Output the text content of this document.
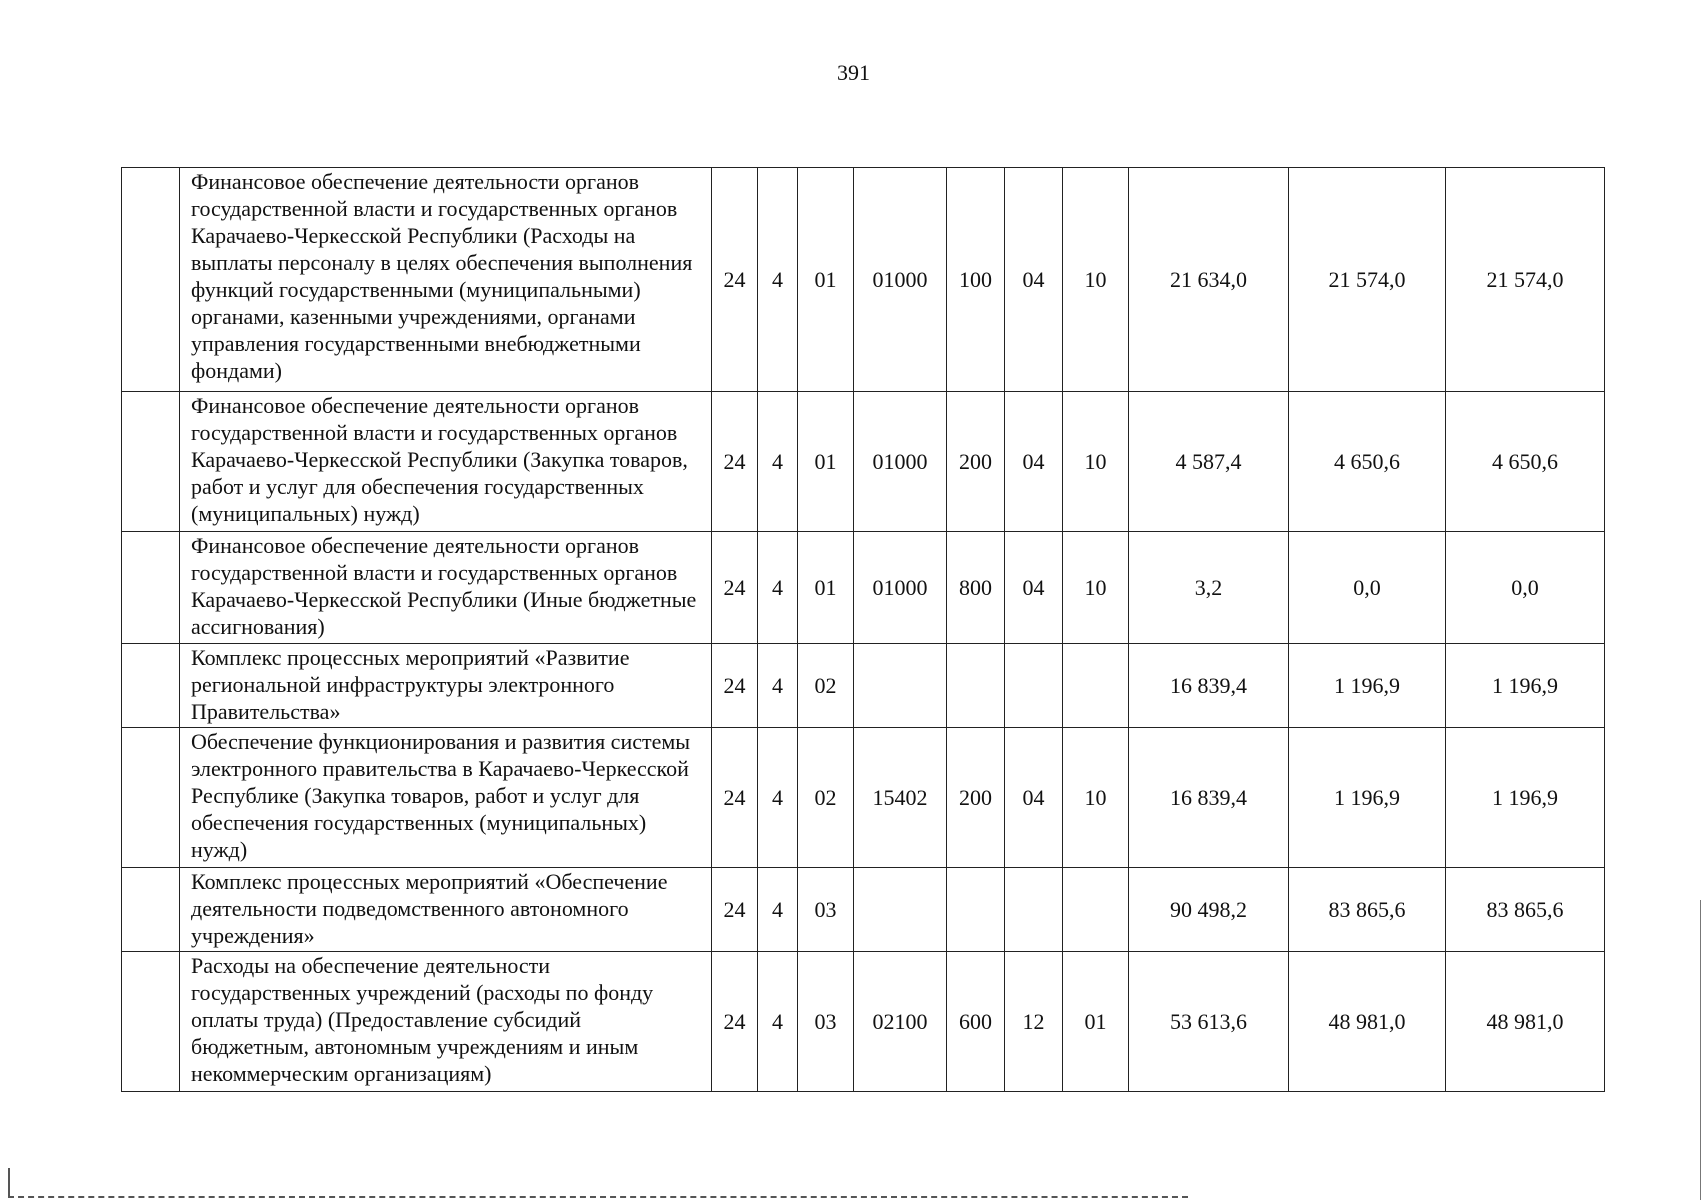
391
	Финансовое обеспечение деятельности органов государственной власти и государственных органов Карачаево-Черкесской Республики (Расходы на выплаты персоналу в целях обеспечения выполнения функций государственными (муниципальными) органами, казенными учреждениями, органами управления государственными внебюджетными фондами)	24	4	01	01000	100	04	10	21 634,0	21 574,0	21 574,0
	Финансовое обеспечение деятельности органов государственной власти и государственных органов Карачаево-Черкесской Республики (Закупка товаров, работ и услуг для обеспечения государственных (муниципальных) нужд)	24	4	01	01000	200	04	10	4 587,4	4 650,6	4 650,6
	Финансовое обеспечение деятельности органов государственной власти и государственных органов Карачаево-Черкесской Республики (Иные бюджетные ассигнования)	24	4	01	01000	800	04	10	3,2	0,0	0,0
	Комплекс процессных мероприятий «Развитие региональной инфраструктуры электронного Правительства»	24	4	02					16 839,4	1 196,9	1 196,9
	Обеспечение функционирования и развития системы электронного правительства в Карачаево-Черкесской Республике (Закупка товаров, работ и услуг для обеспечения государственных (муниципальных) нужд)	24	4	02	15402	200	04	10	16 839,4	1 196,9	1 196,9
	Комплекс процессных мероприятий «Обеспечение деятельности подведомственного автономного учреждения»	24	4	03					90 498,2	83 865,6	83 865,6
	Расходы на обеспечение деятельности государственных учреждений (расходы по фонду оплаты труда) (Предоставление субсидий бюджетным, автономным учреждениям и иным некоммерческим организациям)	24	4	03	02100	600	12	01	53 613,6	48 981,0	48 981,0
